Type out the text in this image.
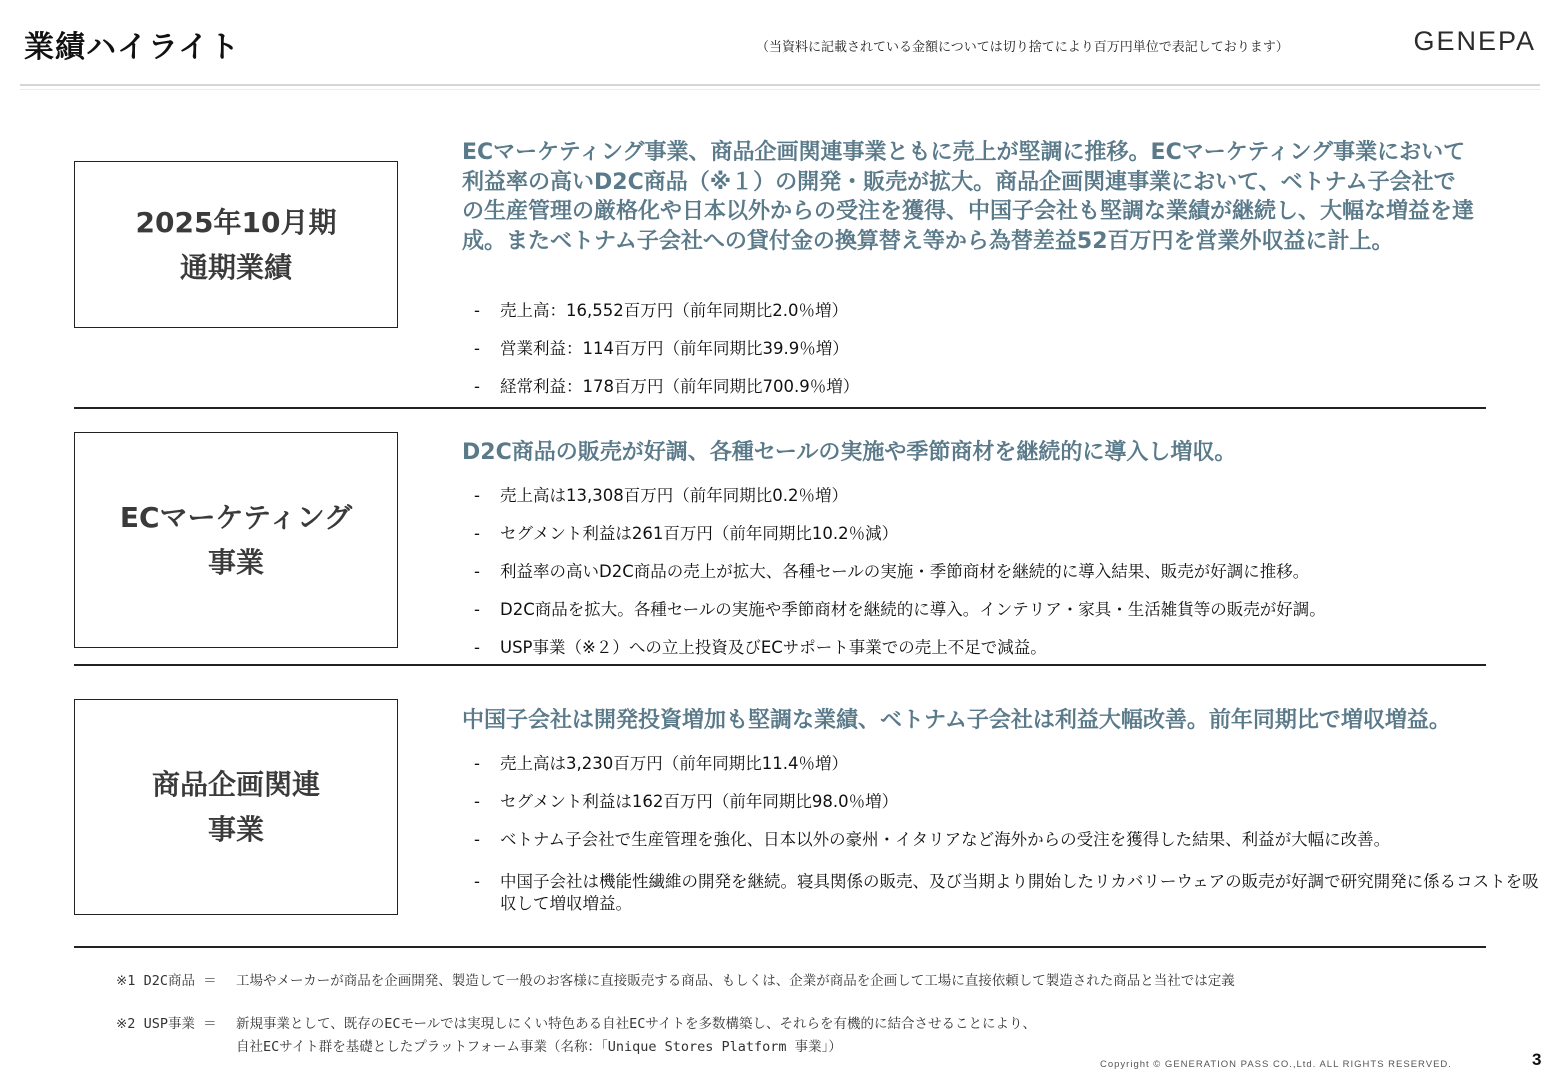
業績ハイライト	（当資料に記載されている金額については切り捨てにより百万円単位で表記しております）	GENEPA
2025年10月期
通期業績
ECマーケティング事業、商品企画関連事業ともに売上が堅調に推移。ECマーケティング事業において利益率の高いD2C商品（※１）の開発・販売が拡大。商品企画関連事業において、ベトナム子会社での生産管理の厳格化や日本以外からの受注を獲得、中国子会社も堅調な業績が継続し、大幅な増益を達成。またベトナム子会社への貸付金の換算替え等から為替差益52百万円を営業外収益に計上。
- 売上高：16,552百万円（前年同期比2.0％増）
- 営業利益：114百万円（前年同期比39.9％増）
- 経常利益：178百万円（前年同期比700.9％増）
ECマーケティング
事業
D2C商品の販売が好調、各種セールの実施や季節商材を継続的に導入し増収。
- 売上高は13,308百万円（前年同期比0.2％増）
- セグメント利益は261百万円（前年同期比10.2％減）
- 利益率の高いD2C商品の売上が拡大、各種セールの実施・季節商材を継続的に導入結果、販売が好調に推移。
- D2C商品を拡大。各種セールの実施や季節商材を継続的に導入。インテリア・家具・生活雑貨等の販売が好調。
- USP事業（※２）への立上投資及びECサポート事業での売上不足で減益。
商品企画関連
事業
中国子会社は開発投資増加も堅調な業績、ベトナム子会社は利益大幅改善。前年同期比で増収増益。
- 売上高は3,230百万円（前年同期比11.4％増）
- セグメント利益は162百万円（前年同期比98.0％増）
- ベトナム子会社で生産管理を強化、日本以外の豪州・イタリアなど海外からの受注を獲得した結果、利益が大幅に改善。
- 中国子会社は機能性繊維の開発を継続。寝具関係の販売、及び当期より開始したリカバリーウェアの販売が好調で研究開発に係るコストを吸収して増収増益。
※1 D2C商品 ＝ 工場やメーカーが商品を企画開発、製造して一般のお客様に直接販売する商品、もしくは、企業が商品を企画して工場に直接依頼して製造された商品と当社では定義
※2 USP事業 ＝ 新規事業として、既存のECモールでは実現しにくい特色ある自社ECサイトを多数構築し、それらを有機的に結合させることにより、
自社ECサイト群を基礎としたプラットフォーム事業（名称：「Unique Stores Platform 事業」）
Copyright © GENERATION PASS CO.,Ltd. ALL RIGHTS RESERVED.	3
